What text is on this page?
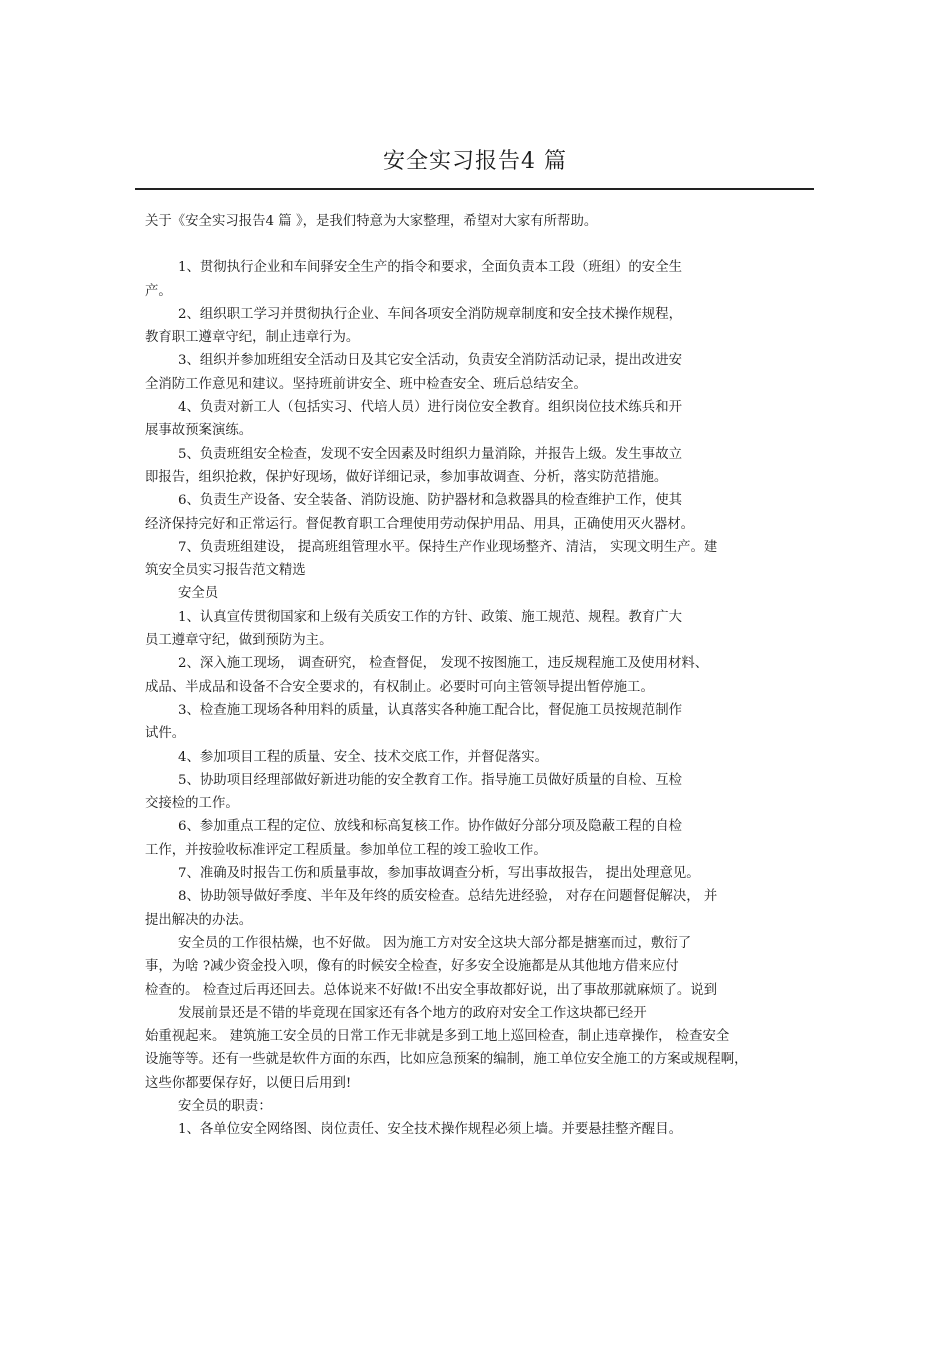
安全实习报告4 篇
关于《安全实习报告4 篇 》，是我们特意为大家整理，希望对大家有所帮助。
1、贯彻执行企业和车间驿安全生产的指令和要求，全面负责本工段（班组）的安全生
产。
2、组织职工学习并贯彻执行企业、车间各项安全消防规章制度和安全技术操作规程，
教育职工遵章守纪，制止违章行为。
3、组织并参加班组安全活动日及其它安全活动，负责安全消防活动记录，提出改进安
全消防工作意见和建议。坚持班前讲安全、班中检查安全、班后总结安全。
4、负责对新工人（包括实习、代培人员）进行岗位安全教育。组织岗位技术练兵和开
展事故预案演练。
5、负责班组安全检查，发现不安全因素及时组织力量消除，并报告上级。发生事故立
即报告，组织抢救，保护好现场，做好详细记录，参加事故调查、分析，落实防范措施。
6、负责生产设备、安全装备、消防设施、防护器材和急救器具的检查维护工作，使其
经济保持完好和正常运行。督促教育职工合理使用劳动保护用品、用具，正确使用灭火器材。
7、负责班组建设， 提高班组管理水平。保持生产作业现场整齐、清洁， 实现文明生产。建
筑安全员实习报告范文精选
安全员
1、认真宣传贯彻国家和上级有关质安工作的方针、政策、施工规范、规程。教育广大
员工遵章守纪，做到预防为主。
2、深入施工现场， 调查研究， 检查督促， 发现不按图施工，违反规程施工及使用材料、
成品、半成品和设备不合安全要求的，有权制止。必要时可向主管领导提出暂停施工。
3、检查施工现场各种用料的质量，认真落实各种施工配合比，督促施工员按规范制作
试件。
4、参加项目工程的质量、安全、技术交底工作，并督促落实。
5、协助项目经理部做好新进功能的安全教育工作。指导施工员做好质量的自检、互检
交接检的工作。
6、参加重点工程的定位、放线和标高复核工作。协作做好分部分项及隐蔽工程的自检
工作，并按验收标准评定工程质量。参加单位工程的竣工验收工作。
7、准确及时报告工伤和质量事故，参加事故调查分析，写出事故报告， 提出处理意见。
8、协助领导做好季度、半年及年终的质安检查。总结先进经验， 对存在问题督促解决， 并
提出解决的办法。
安全员的工作很枯燥，也不好做。 因为施工方对安全这块大部分都是搪塞而过，敷衍了
事，为啥 ?减少资金投入呗，像有的时候安全检查，好多安全设施都是从其他地方借来应付
检查的。 检查过后再还回去。总体说来不好做!不出安全事故都好说，出了事故那就麻烦了。说到
发展前景还是不错的毕竟现在国家还有各个地方的政府对安全工作这块都已经开
始重视起来。 建筑施工安全员的日常工作无非就是多到工地上巡回检查，制止违章操作， 检查安全
设施等等。还有一些就是软件方面的东西，比如应急预案的编制，施工单位安全施工的方案或规程啊，
这些你都要保存好，以便日后用到!
安全员的职责：
1、各单位安全网络图、岗位责任、安全技术操作规程必须上墙。并要悬挂整齐醒目。
